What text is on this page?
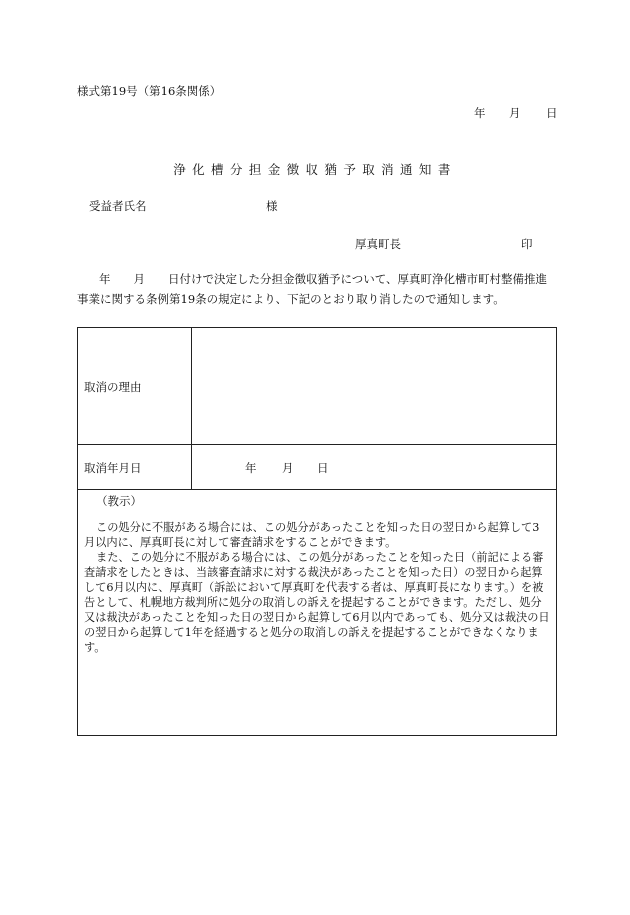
様式第19号（第16条関係）
年 月 日
浄化槽分担金徴収猶予取消通知書
受益者氏名	様
厚真町長	印
年　　月　　日付けで決定した分担金徴収猶予について、厚真町浄化槽市町村整備推進事業に関する条例第19条の規定により、下記のとおり取り消したので通知します。
取消の理由
取消年月日	年 月 日
（教示）

この処分に不服がある場合には、この処分があったことを知った日の翌日から起算して3月以内に、厚真町長に対して審査請求をすることができます。

また、この処分に不服がある場合には、この処分があったことを知った日（前記による審査請求をしたときは、当該審査請求に対する裁決があったことを知った日）の翌日から起算して6月以内に、厚真町（訴訟において厚真町を代表する者は、厚真町長になります。）を被告として、札幌地方裁判所に処分の取消しの訴えを提起することができます。ただし、処分又は裁決があったことを知った日の翌日から起算して6月以内であっても、処分又は裁決の日の翌日から起算して1年を経過すると処分の取消しの訴えを提起することができなくなります。
